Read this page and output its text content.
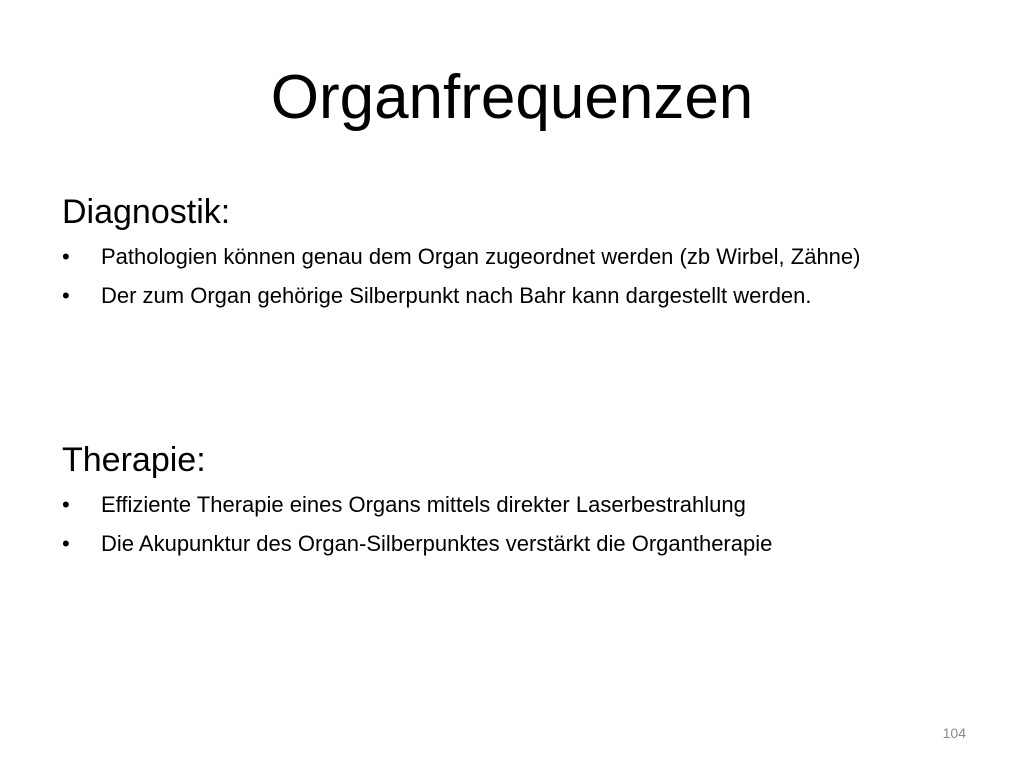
Organfrequenzen
Diagnostik:
•	Pathologien können genau dem Organ zugeordnet werden (zb Wirbel, Zähne)
•	Der zum Organ gehörige Silberpunkt nach Bahr kann dargestellt werden.
Therapie:
•	Effiziente Therapie eines Organs mittels direkter Laserbestrahlung
•	Die Akupunktur des Organ-Silberpunktes verstärkt die Organtherapie
104
